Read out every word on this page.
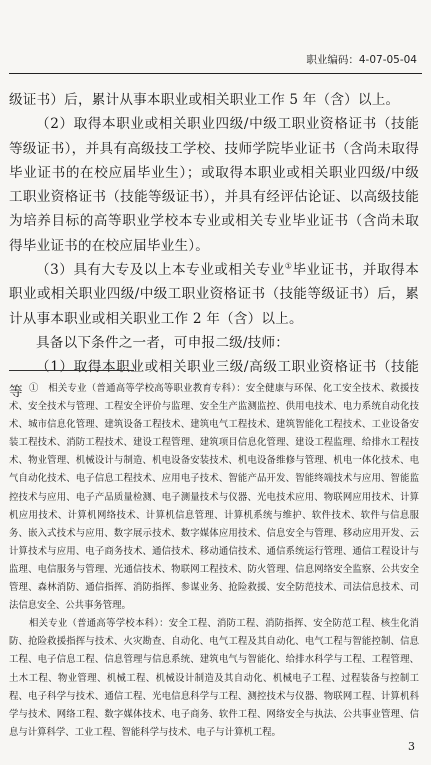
职业编码：4-07-05-04

级证书）后，累计从事本职业或相关职业工作 5 年（含）以上。

（2）取得本职业或相关职业四级/中级工职业资格证书（技能等级证书），并具有高级技工学校、技师学院毕业证书（含尚未取得毕业证书的在校应届毕业生）；或取得本职业或相关职业四级/中级工职业资格证书（技能等级证书），并具有经评估论证、以高级技能为培养目标的高等职业学校本专业或相关专业毕业证书（含尚未取得毕业证书的在校应届毕业生）。

（3）具有大专及以上本专业或相关专业①毕业证书，并取得本职业或相关职业四级/中级工职业资格证书（技能等级证书）后，累计从事本职业或相关职业工作 2 年（含）以上。

具备以下条件之一者，可申报二级/技师：

（1）取得本职业或相关职业三级/高级工职业资格证书（技能等 ①　相关专业（普通高等学校高等职业教育专科）：安全健康与环保、化工安全技术、救援技术、安全技术与管理、工程安全评价与监理、安全生产监测监控、供用电技术、电力系统自动化技术、城市信息化管理、建筑设备工程技术、建筑电气工程技术、建筑智能化工程技术、工业设备安装工程技术、消防工程技术、建设工程管理、建筑项目信息化管理、建设工程监理、给排水工程技术、物业管理、机械设计与制造、机电设备安装技术、机电设备维修与管理、机电一体化技术、电气自动化技术、电子信息工程技术、应用电子技术、智能产品开发、智能终端技术与应用、智能监控技术与应用、电子产品质量检测、电子测量技术与仪器、光电技术应用、物联网应用技术、计算机应用技术、计算机网络技术、计算机信息管理、计算机系统与维护、软件技术、软件与信息服务、嵌入式技术与应用、数字展示技术、数字媒体应用技术、信息安全与管理、移动应用开发、云计算技术与应用、电子商务技术、通信技术、移动通信技术、通信系统运行管理、通信工程设计与监理、电信服务与管理、光通信技术、物联网工程技术、防火管理、信息网络安全监察、公共安全管理、森林消防、通信指挥、消防指挥、参谋业务、抢险救援、安全防范技术、司法信息技术、司法信息安全、公共事务管理。

相关专业（普通高等学校本科）：安全工程、消防工程、消防指挥、安全防范工程、核生化消防、抢险救援指挥与技术、火灾勘查、自动化、电气工程及其自动化、电气工程与智能控制、信息工程、电子信息工程、信息管理与信息系统、建筑电气与智能化、给排水科学与工程、工程管理、土木工程、物业管理、机械工程、机械设计制造及其自动化、机械电子工程、过程装备与控制工程、电子科学与技术、通信工程、光电信息科学与工程、测控技术与仪器、物联网工程、计算机科学与技术、网络工程、数字媒体技术、电子商务、软件工程、网络安全与执法、公共事业管理、信息与计算科学、工业工程、智能科学与技术、电子与计算机工程。

3
